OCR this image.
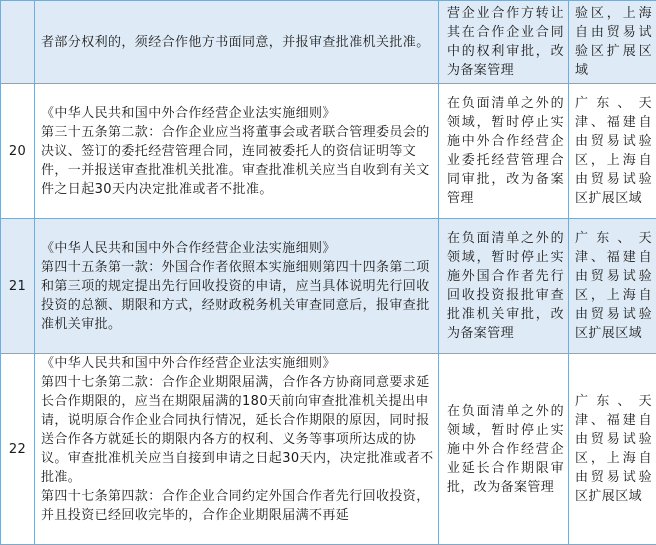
	者部分权利的，须经合作他方书面同意，并报审查批准机关批准。	营企业合作方转让其在合作企业合同中的权利审批，改为备案管理	验区，上海自由贸易试验区扩展区域
20	《中华人民共和国中外合作经营企业法实施细则》
第三十五条第二款：合作企业应当将董事会或者联合管理委员会的决议、签订的委托经营管理合同，连同被委托人的资信证明等文件，一并报送审查批准机关批准。审查批准机关应当自收到有关文件之日起30天内决定批准或者不批准。	在负面清单之外的领域，暂时停止实施中外合作经营企业委托经营管理合同审批，改为备案管理	广东、天津、福建自由贸易试验区，上海自由贸易试验区扩展区域
21	《中华人民共和国中外合作经营企业法实施细则》
第四十五条第一款：外国合作者依照本实施细则第四十四条第二项和第三项的规定提出先行回收投资的申请，应当具体说明先行回收投资的总额、期限和方式，经财政税务机关审查同意后，报审查批准机关审批。	在负面清单之外的领域，暂时停止实施外国合作者先行回收投资报批审查批准机关审批，改为备案管理	广东、天津、福建自由贸易试验区，上海自由贸易试验区扩展区域
22	《中华人民共和国中外合作经营企业法实施细则》
第四十七条第二款：合作企业期限届满，合作各方协商同意要求延长合作期限的，应当在期限届满的180天前向审查批准机关提出申请，说明原合作企业合同执行情况，延长合作期限的原因，同时报送合作各方就延长的期限内各方的权利、义务等事项所达成的协议。审查批准机关应当自接到申请之日起30天内，决定批准或者不批准。
第四十七条第四款：合作企业合同约定外国合作者先行回收投资，并且投资已经回收完毕的，合作企业期限届满不再延	在负面清单之外的领域，暂时停止实施中外合作经营企业延长合作期限审批，改为备案管理	广东、天津、福建自由贸易试验区，上海自由贸易试验区扩展区域
